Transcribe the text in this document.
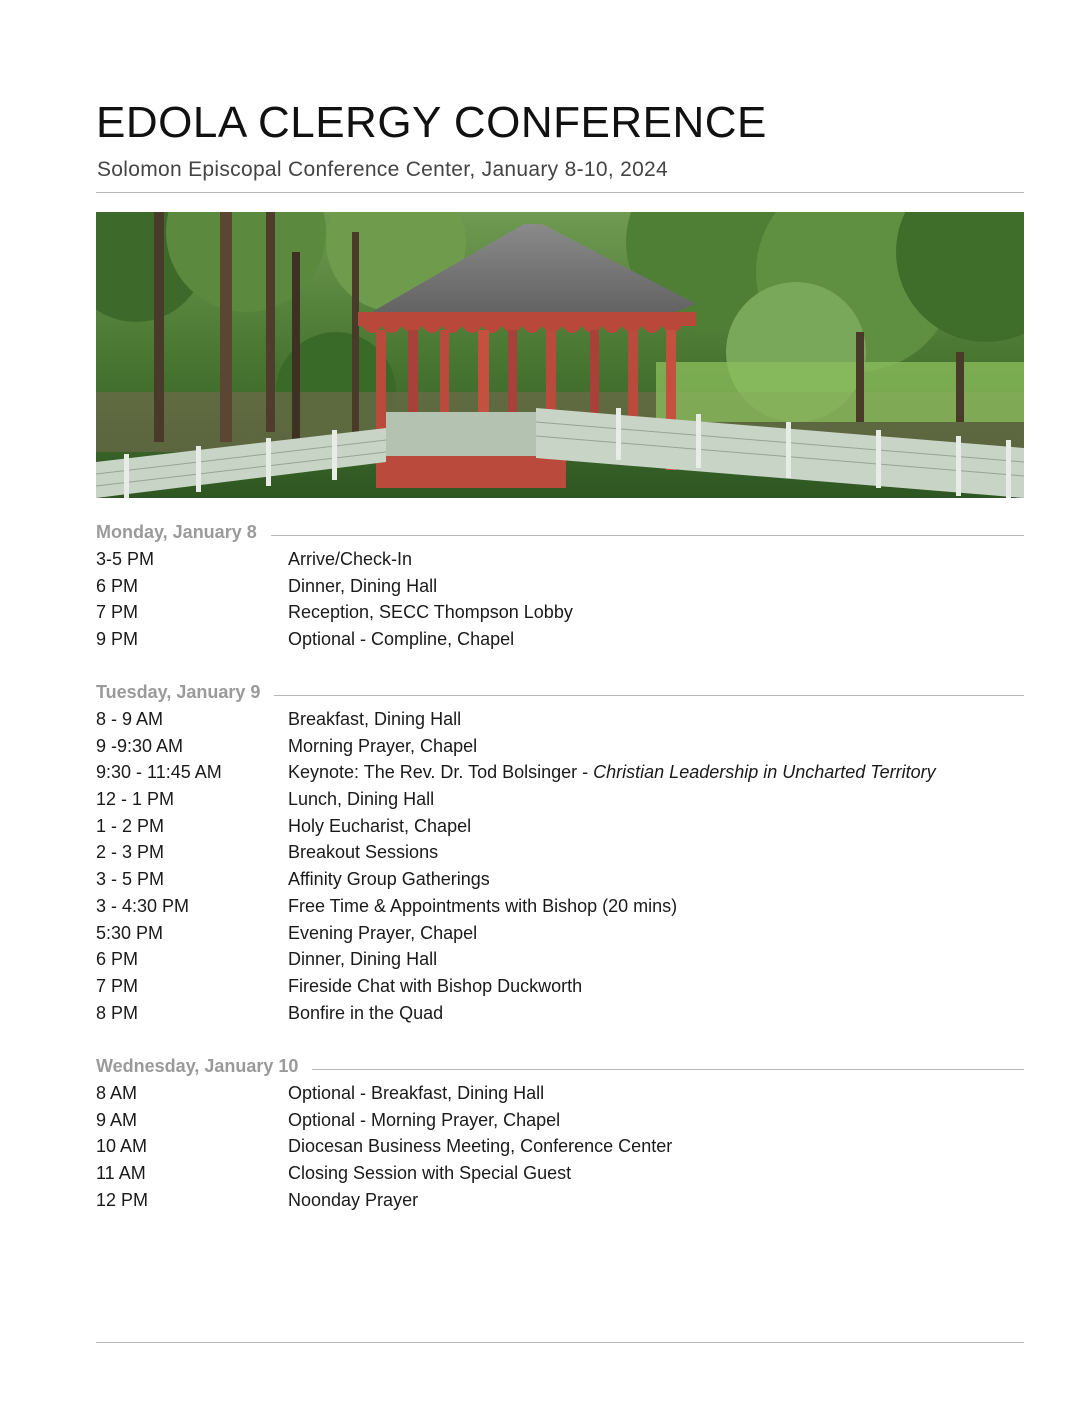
EDOLA CLERGY CONFERENCE

Solomon Episcopal Conference Center, January 8-10, 2024

Monday, January 8
3-5 PM	Arrive/Check-In
6 PM	Dinner, Dining Hall
7 PM	Reception, SECC Thompson Lobby
9 PM	Optional - Compline, Chapel
Tuesday, January 9
8 - 9 AM	Breakfast, Dining Hall
9 -9:30 AM	Morning Prayer, Chapel
9:30 - 11:45 AM	Keynote: The Rev. Dr. Tod Bolsinger - Christian Leadership in Uncharted Territory
12 - 1 PM	Lunch, Dining Hall
1 - 2 PM	Holy Eucharist, Chapel
2 - 3 PM	Breakout Sessions
3 - 5 PM	Affinity Group Gatherings
3 - 4:30 PM	Free Time & Appointments with Bishop (20 mins)
5:30 PM	Evening Prayer, Chapel
6 PM	Dinner, Dining Hall
7 PM	Fireside Chat with Bishop Duckworth
8 PM	Bonfire in the Quad
Wednesday, January 10
8 AM	Optional - Breakfast, Dining Hall
9 AM	Optional - Morning Prayer, Chapel
10 AM	Diocesan Business Meeting, Conference Center
11 AM	Closing Session with Special Guest
12 PM	Noonday Prayer
